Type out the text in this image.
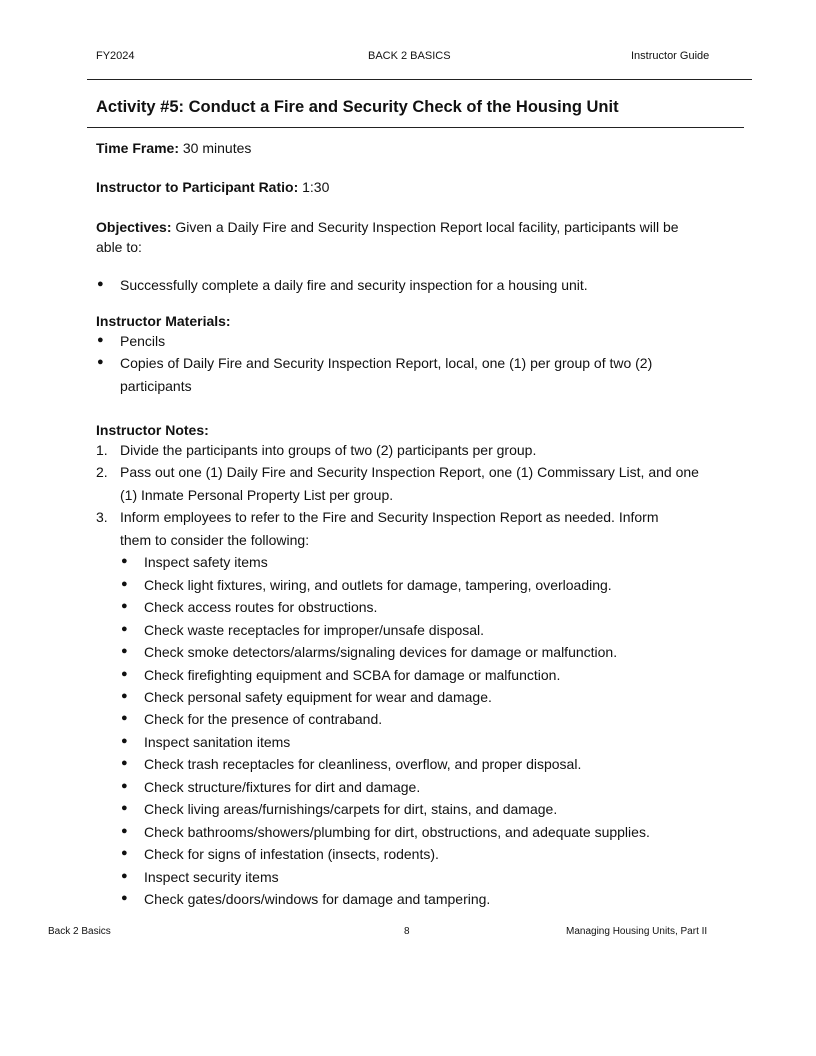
FY2024	BACK 2 BASICS	Instructor Guide
Activity #5: Conduct a Fire and Security Check of the Housing Unit
Time Frame: 30 minutes
Instructor to Participant Ratio: 1:30
Objectives: Given a Daily Fire and Security Inspection Report local facility, participants will be
able to:
● Successfully complete a daily fire and security inspection for a housing unit.
Instructor Materials:
● Pencils
● Copies of Daily Fire and Security Inspection Report, local, one (1) per group of two (2)
participants
Instructor Notes:
1. Divide the participants into groups of two (2) participants per group.
2. Pass out one (1) Daily Fire and Security Inspection Report, one (1) Commissary List, and one
(1) Inmate Personal Property List per group.
3. Inform employees to refer to the Fire and Security Inspection Report as needed. Inform
them to consider the following:
● Inspect safety items
● Check light fixtures, wiring, and outlets for damage, tampering, overloading.
● Check access routes for obstructions.
● Check waste receptacles for improper/unsafe disposal.
● Check smoke detectors/alarms/signaling devices for damage or malfunction.
● Check firefighting equipment and SCBA for damage or malfunction.
● Check personal safety equipment for wear and damage.
● Check for the presence of contraband.
● Inspect sanitation items
● Check trash receptacles for cleanliness, overflow, and proper disposal.
● Check structure/fixtures for dirt and damage.
● Check living areas/furnishings/carpets for dirt, stains, and damage.
● Check bathrooms/showers/plumbing for dirt, obstructions, and adequate supplies.
● Check for signs of infestation (insects, rodents).
● Inspect security items
● Check gates/doors/windows for damage and tampering.
Back 2 Basics	8	Managing Housing Units, Part II
